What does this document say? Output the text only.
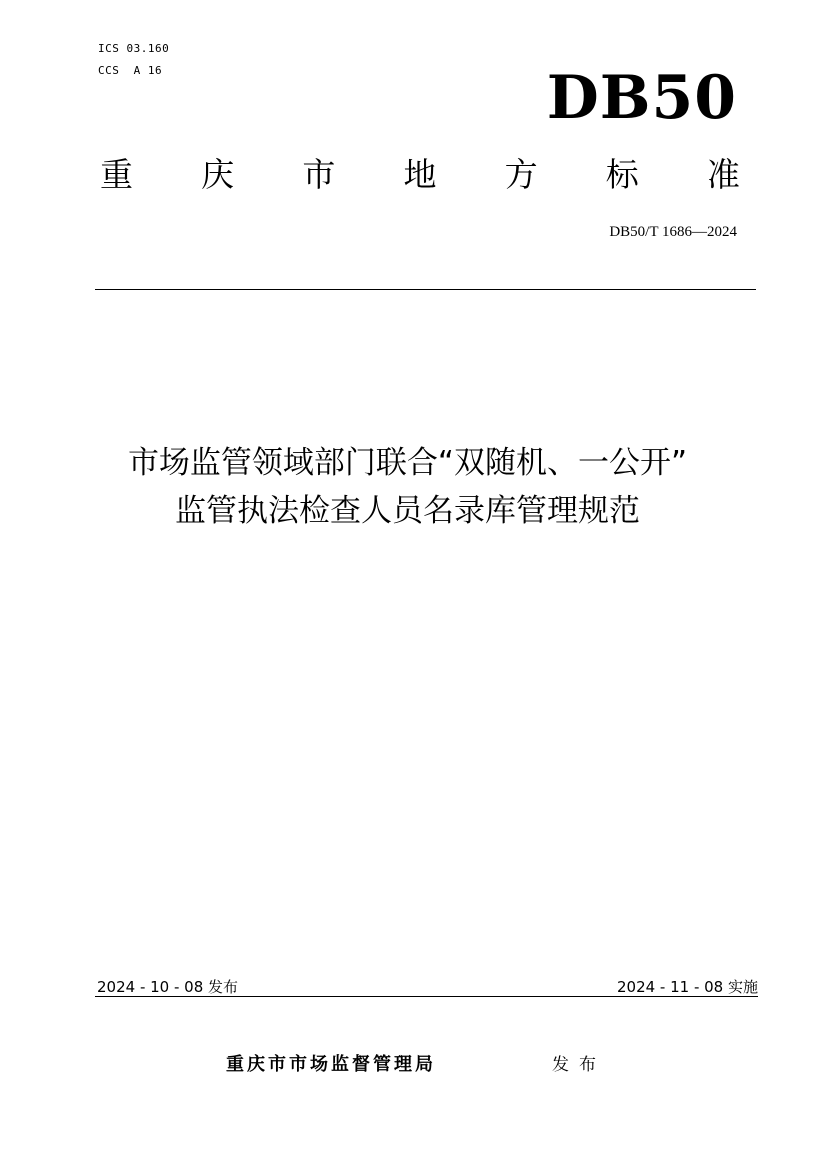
ICS 03.160
CCS  A 16	DB50
重 庆 市 地 方 标 准
DB50/T 1686—2024
市场监管领域部门联合“双随机、一公开”
监管执法检查人员名录库管理规范
2024 - 10 - 08 发布	2024 - 11 - 08 实施
重庆市市场监督管理局	发布
